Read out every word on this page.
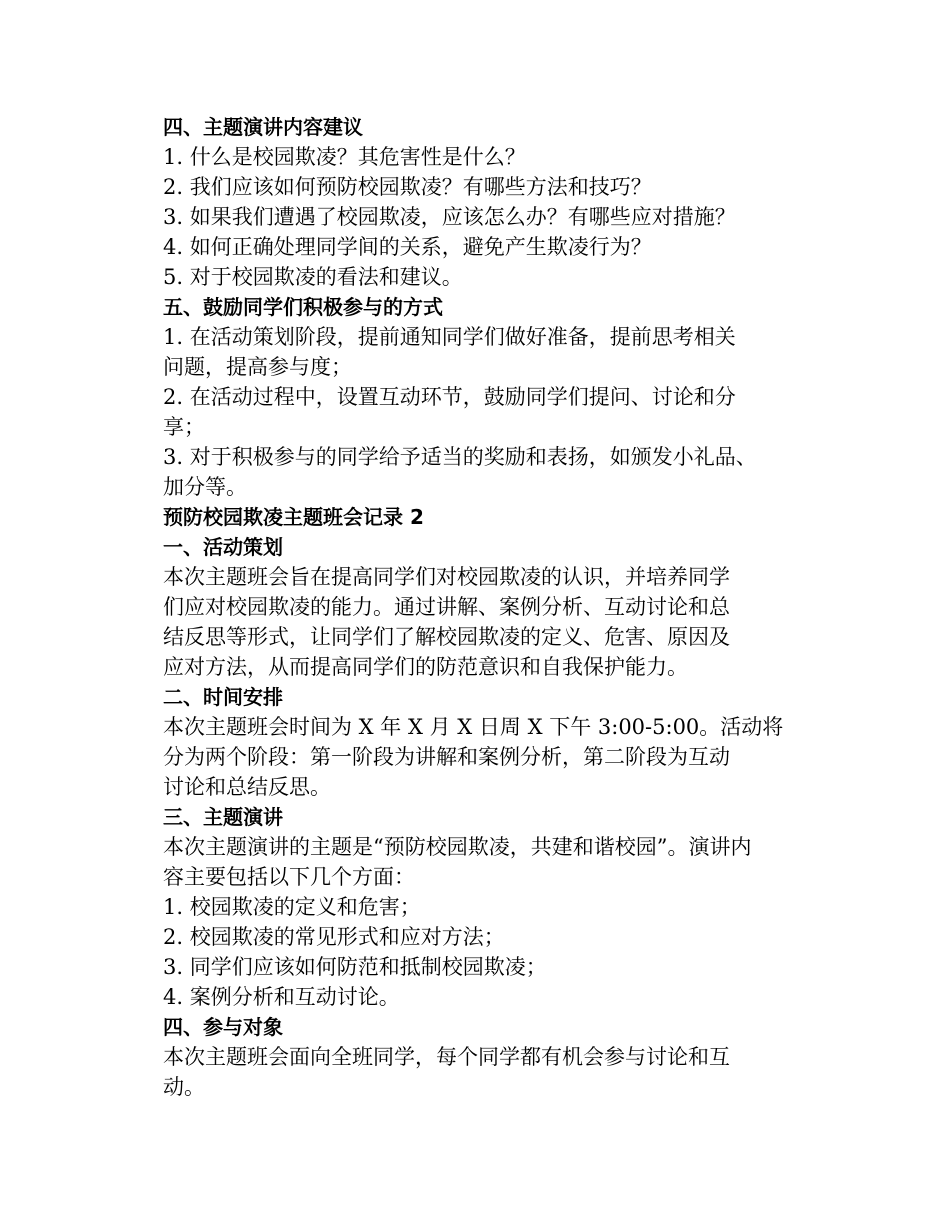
四、主题演讲内容建议
1. 什么是校园欺凌？其危害性是什么？
2. 我们应该如何预防校园欺凌？有哪些方法和技巧？
3. 如果我们遭遇了校园欺凌，应该怎么办？有哪些应对措施？
4. 如何正确处理同学间的关系，避免产生欺凌行为？
5. 对于校园欺凌的看法和建议。
五、鼓励同学们积极参与的方式
1. 在活动策划阶段，提前通知同学们做好准备，提前思考相关
问题，提高参与度；
2. 在活动过程中，设置互动环节，鼓励同学们提问、讨论和分
享；
3. 对于积极参与的同学给予适当的奖励和表扬，如颁发小礼品、
加分等。
预防校园欺凌主题班会记录 2
一、活动策划
本次主题班会旨在提高同学们对校园欺凌的认识，并培养同学
们应对校园欺凌的能力。通过讲解、案例分析、互动讨论和总
结反思等形式，让同学们了解校园欺凌的定义、危害、原因及
应对方法，从而提高同学们的防范意识和自我保护能力。
二、时间安排
本次主题班会时间为 X 年 X 月 X 日周 X 下午 3:00-5:00。活动将
分为两个阶段：第一阶段为讲解和案例分析，第二阶段为互动
讨论和总结反思。
三、主题演讲
本次主题演讲的主题是“预防校园欺凌，共建和谐校园”。演讲内
容主要包括以下几个方面：
1. 校园欺凌的定义和危害；
2. 校园欺凌的常见形式和应对方法；
3. 同学们应该如何防范和抵制校园欺凌；
4. 案例分析和互动讨论。
四、参与对象
本次主题班会面向全班同学，每个同学都有机会参与讨论和互
动。
